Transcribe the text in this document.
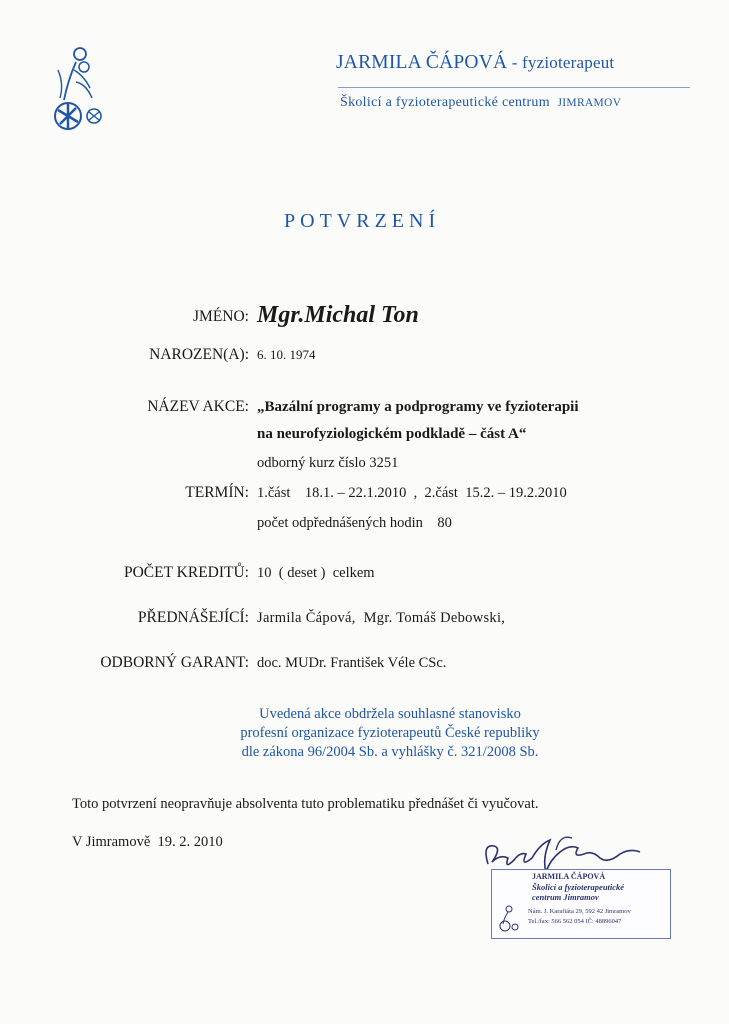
JARMILA ČÁPOVÁ - fyzioterapeut
Školicí a fyzioterapeutické centrum JIMRAMOV
POTVRZENÍ
JMÉNO: Mgr.Michal Ton
NAROZEN(A): 6. 10. 1974
NÁZEV AKCE: „Bazální programy a podprogramy ve fyzioterapii
na neurofyziologickém podkladě – část A“
odborný kurz číslo 3251
TERMÍN: 1.část    18.1. – 22.1.2010  ,  2.část  15.2. – 19.2.2010
počet odpřednášených hodin    80
POČET KREDITŮ: 10  ( deset )  celkem
PŘEDNÁŠEJÍCÍ: Jarmila Čápová,  Mgr. Tomáš Debowski,
ODBORNÝ GARANT: doc. MUDr. František Véle CSc.
Uvedená akce obdržela souhlasné stanovisko
profesní organizace fyzioterapeutů České republiky
dle zákona 96/2004 Sb. a vyhlášky č. 321/2008 Sb.
Toto potvrzení neopravňuje absolventa tuto problematiku přednášet či vyučovat.
V Jimramově  19. 2. 2010
JARMILA ČÁPOVÁ
Školicí a fyzioterapeutické
centrum Jimramov
Nám. J. Karafiáta 29, 592 42 Jimramov
Tel./fax: 566 562 054 IČ: 48896047
